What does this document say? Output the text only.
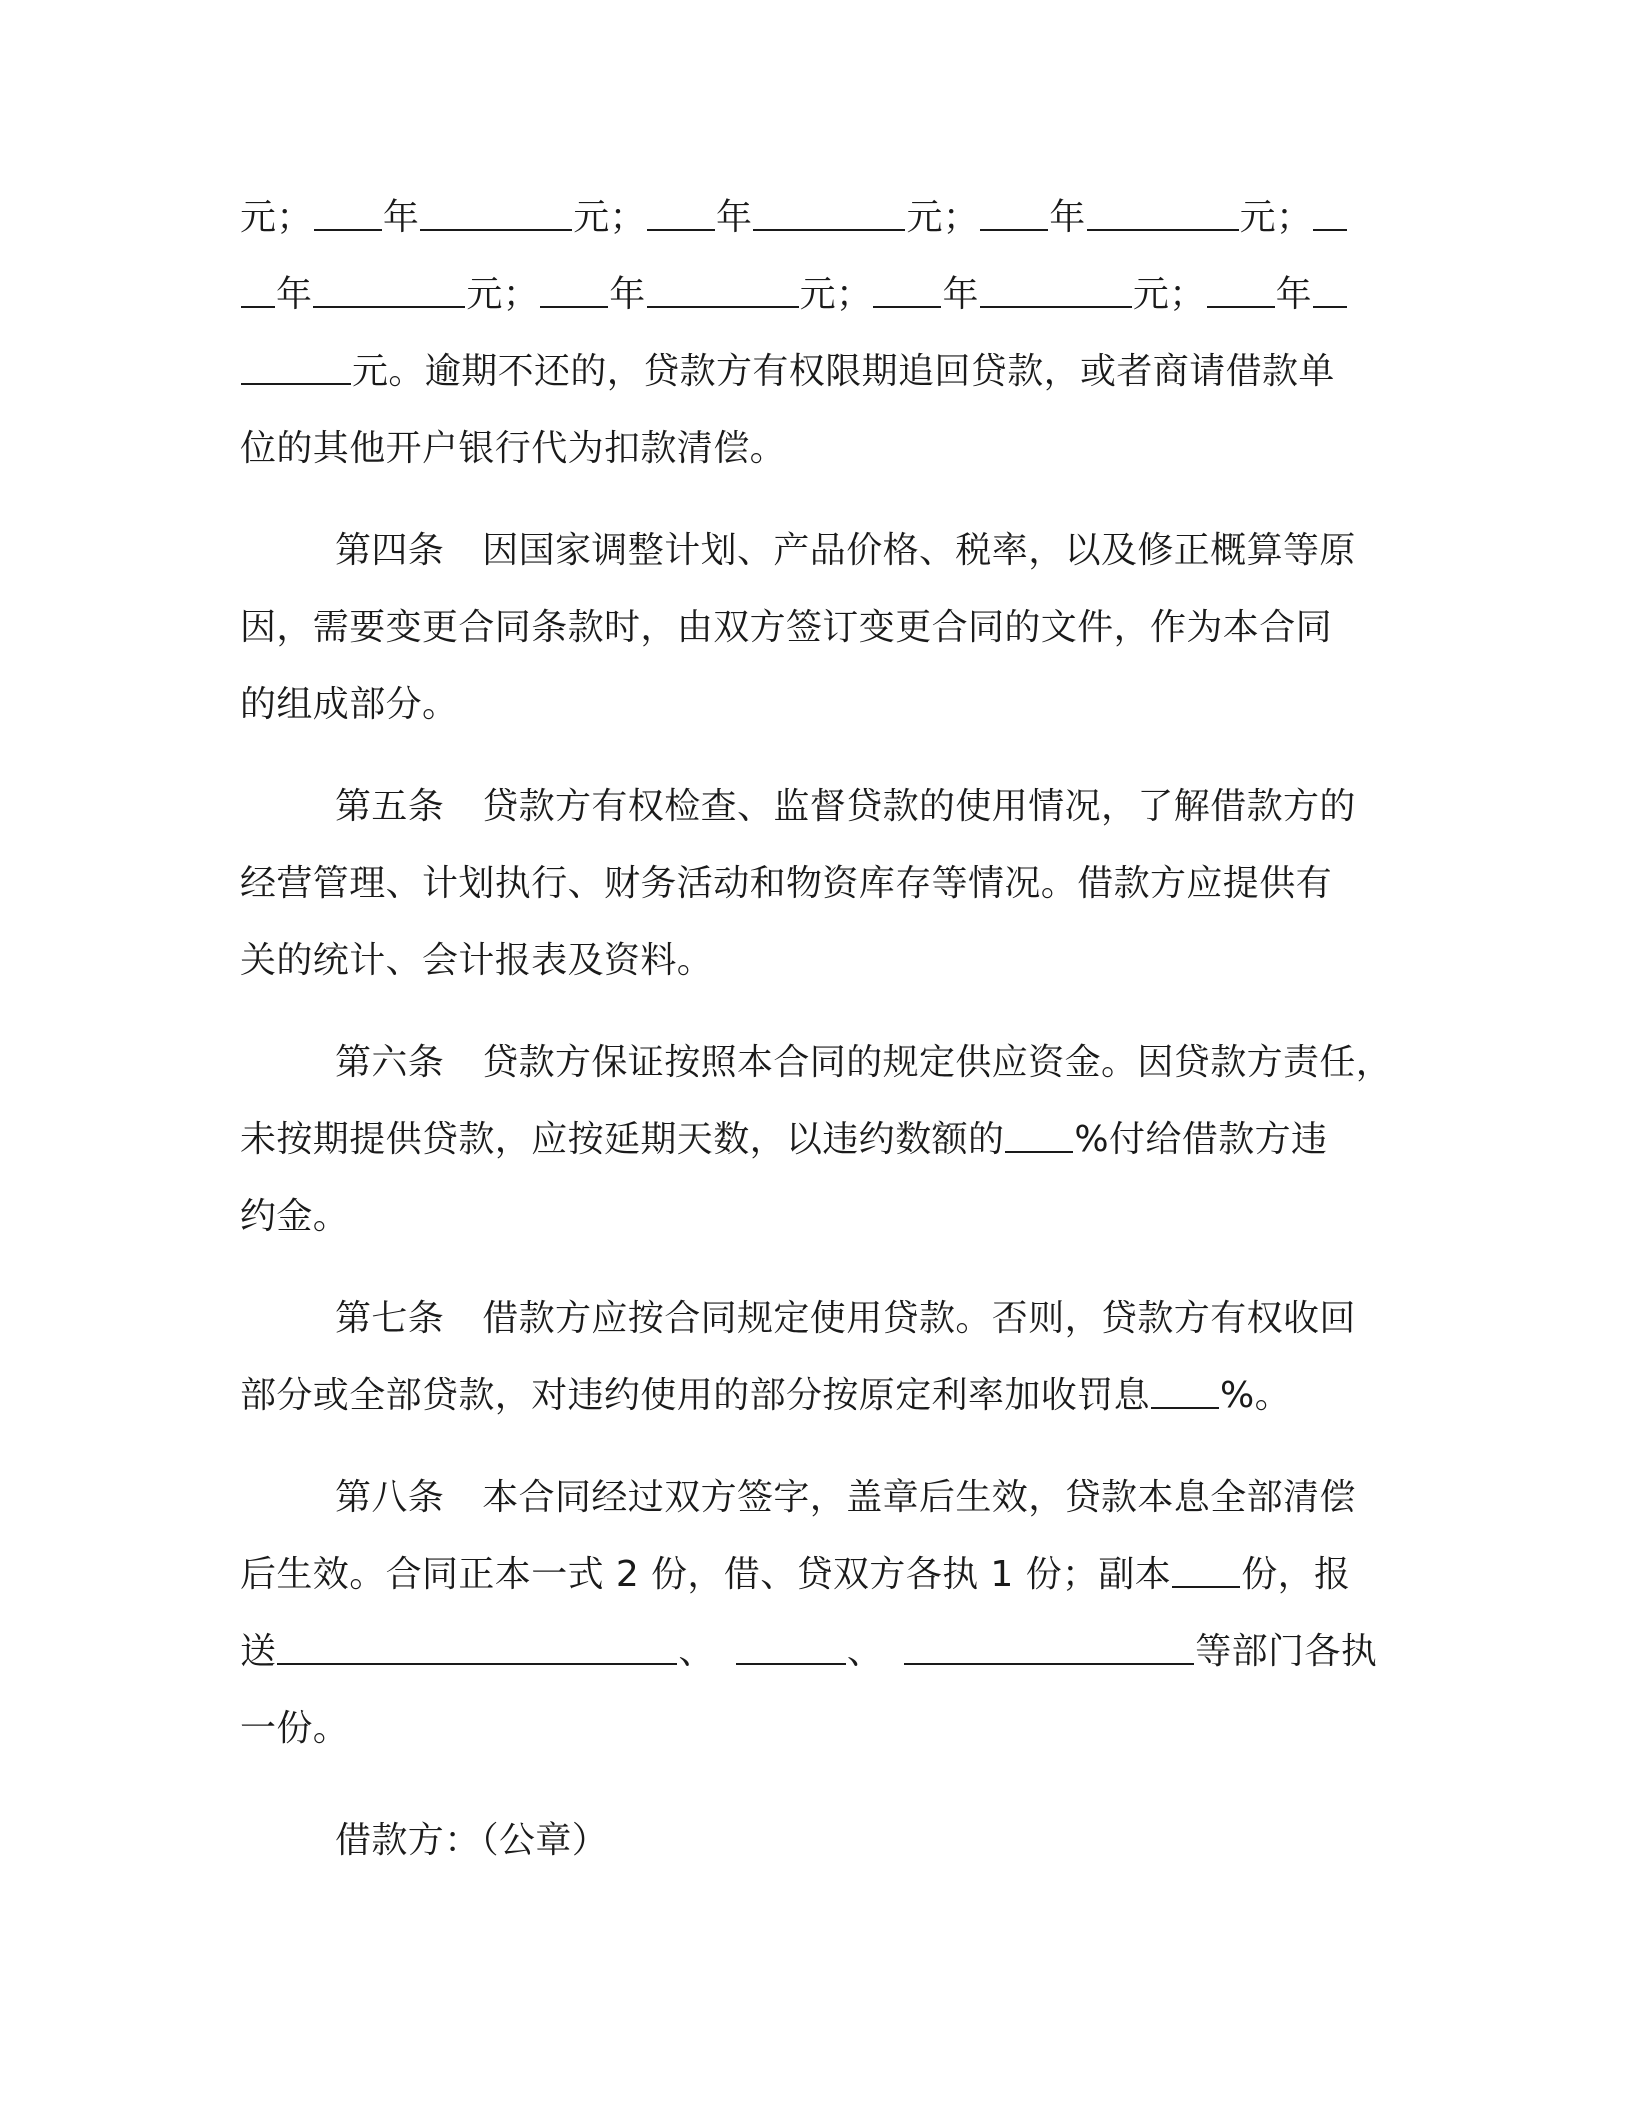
元； 年	元； 年	元； 年	元；
年	元； 年	元； 年	元； 年
元。逾期不还的，贷款方有权限期追回贷款，或者商请借款单
位的其他开户银行代为扣款清偿。
第四条 因国家调整计划、产品价格、税率，以及修正概算等原
因，需要变更合同条款时，由双方签订变更合同的文件，作为本合同
的组成部分。
第五条 贷款方有权检查、监督贷款的使用情况，了解借款方的
经营管理、计划执行、财务活动和物资库存等情况。借款方应提供有
关的统计、会计报表及资料。
第六条 贷款方保证按照本合同的规定供应资金。因贷款方责任，
未按期提供贷款，应按延期天数，以违约数额的 %付给借款方违
约金。
第七条 借款方应按合同规定使用贷款。否则，贷款方有权收回
部分或全部贷款，对违约使用的部分按原定利率加收罚息 %。
第八条 本合同经过双方签字，盖章后生效，贷款本息全部清偿
后生效。合同正本一式 2 份，借、贷双方各执 1 份；副本 份，报
送	、	、	等部门各执
一份。
借款方：（公章）
